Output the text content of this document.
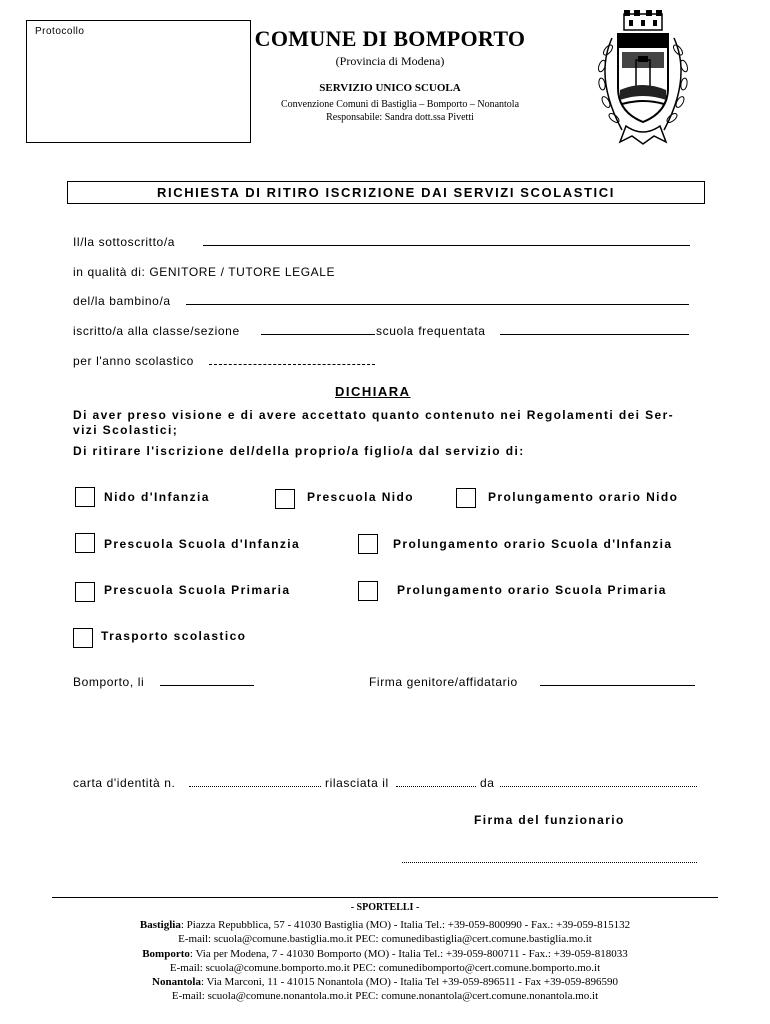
Protocollo	COMUNE DI BOMPORTO
(Provincia di Modena)
SERVIZIO UNICO SCUOLA
Convenzione Comuni di Bastiglia – Bomporto – Nonantola
Responsabile: Sandra dott.ssa Pivetti
RICHIESTA DI RITIRO ISCRIZIONE DAI SERVIZI SCOLASTICI
Il/la sottoscritto/a
in qualità di: GENITORE / TUTORE LEGALE
del/la bambino/a
iscritto/a alla classe/sezione	scuola frequentata
per l'anno scolastico
DICHIARA
Di aver preso visione e di avere accettato quanto contenuto nei Regolamenti dei Ser-
vizi Scolastici;
Di ritirare l'iscrizione del/della proprio/a figlio/a dal servizio di:
Nido d'Infanzia	Prescuola Nido	Prolungamento orario Nido
Prescuola Scuola d'Infanzia	Prolungamento orario Scuola d'Infanzia
Prescuola Scuola Primaria	Prolungamento orario Scuola Primaria
Trasporto scolastico
Bomporto, li	Firma genitore/affidatario
carta d'identità n.	rilasciata il	da
Firma del funzionario
- SPORTELLI -
Bastiglia: Piazza Repubblica, 57 - 41030 Bastiglia (MO) - Italia Tel.: +39-059-800990 - Fax.: +39-059-815132
E-mail: scuola@comune.bastiglia.mo.it PEC: comunedibastiglia@cert.comune.bastiglia.mo.it
Bomporto: Via per Modena, 7 - 41030 Bomporto (MO) - Italia Tel.: +39-059-800711 - Fax.: +39-059-818033
E-mail: scuola@comune.bomporto.mo.it PEC: comunedibomporto@cert.comune.bomporto.mo.it
Nonantola: Via Marconi, 11 - 41015 Nonantola (MO) - Italia Tel +39-059-896511 - Fax +39-059-896590
E-mail: scuola@comune.nonantola.mo.it PEC: comune.nonantola@cert.comune.nonantola.mo.it
